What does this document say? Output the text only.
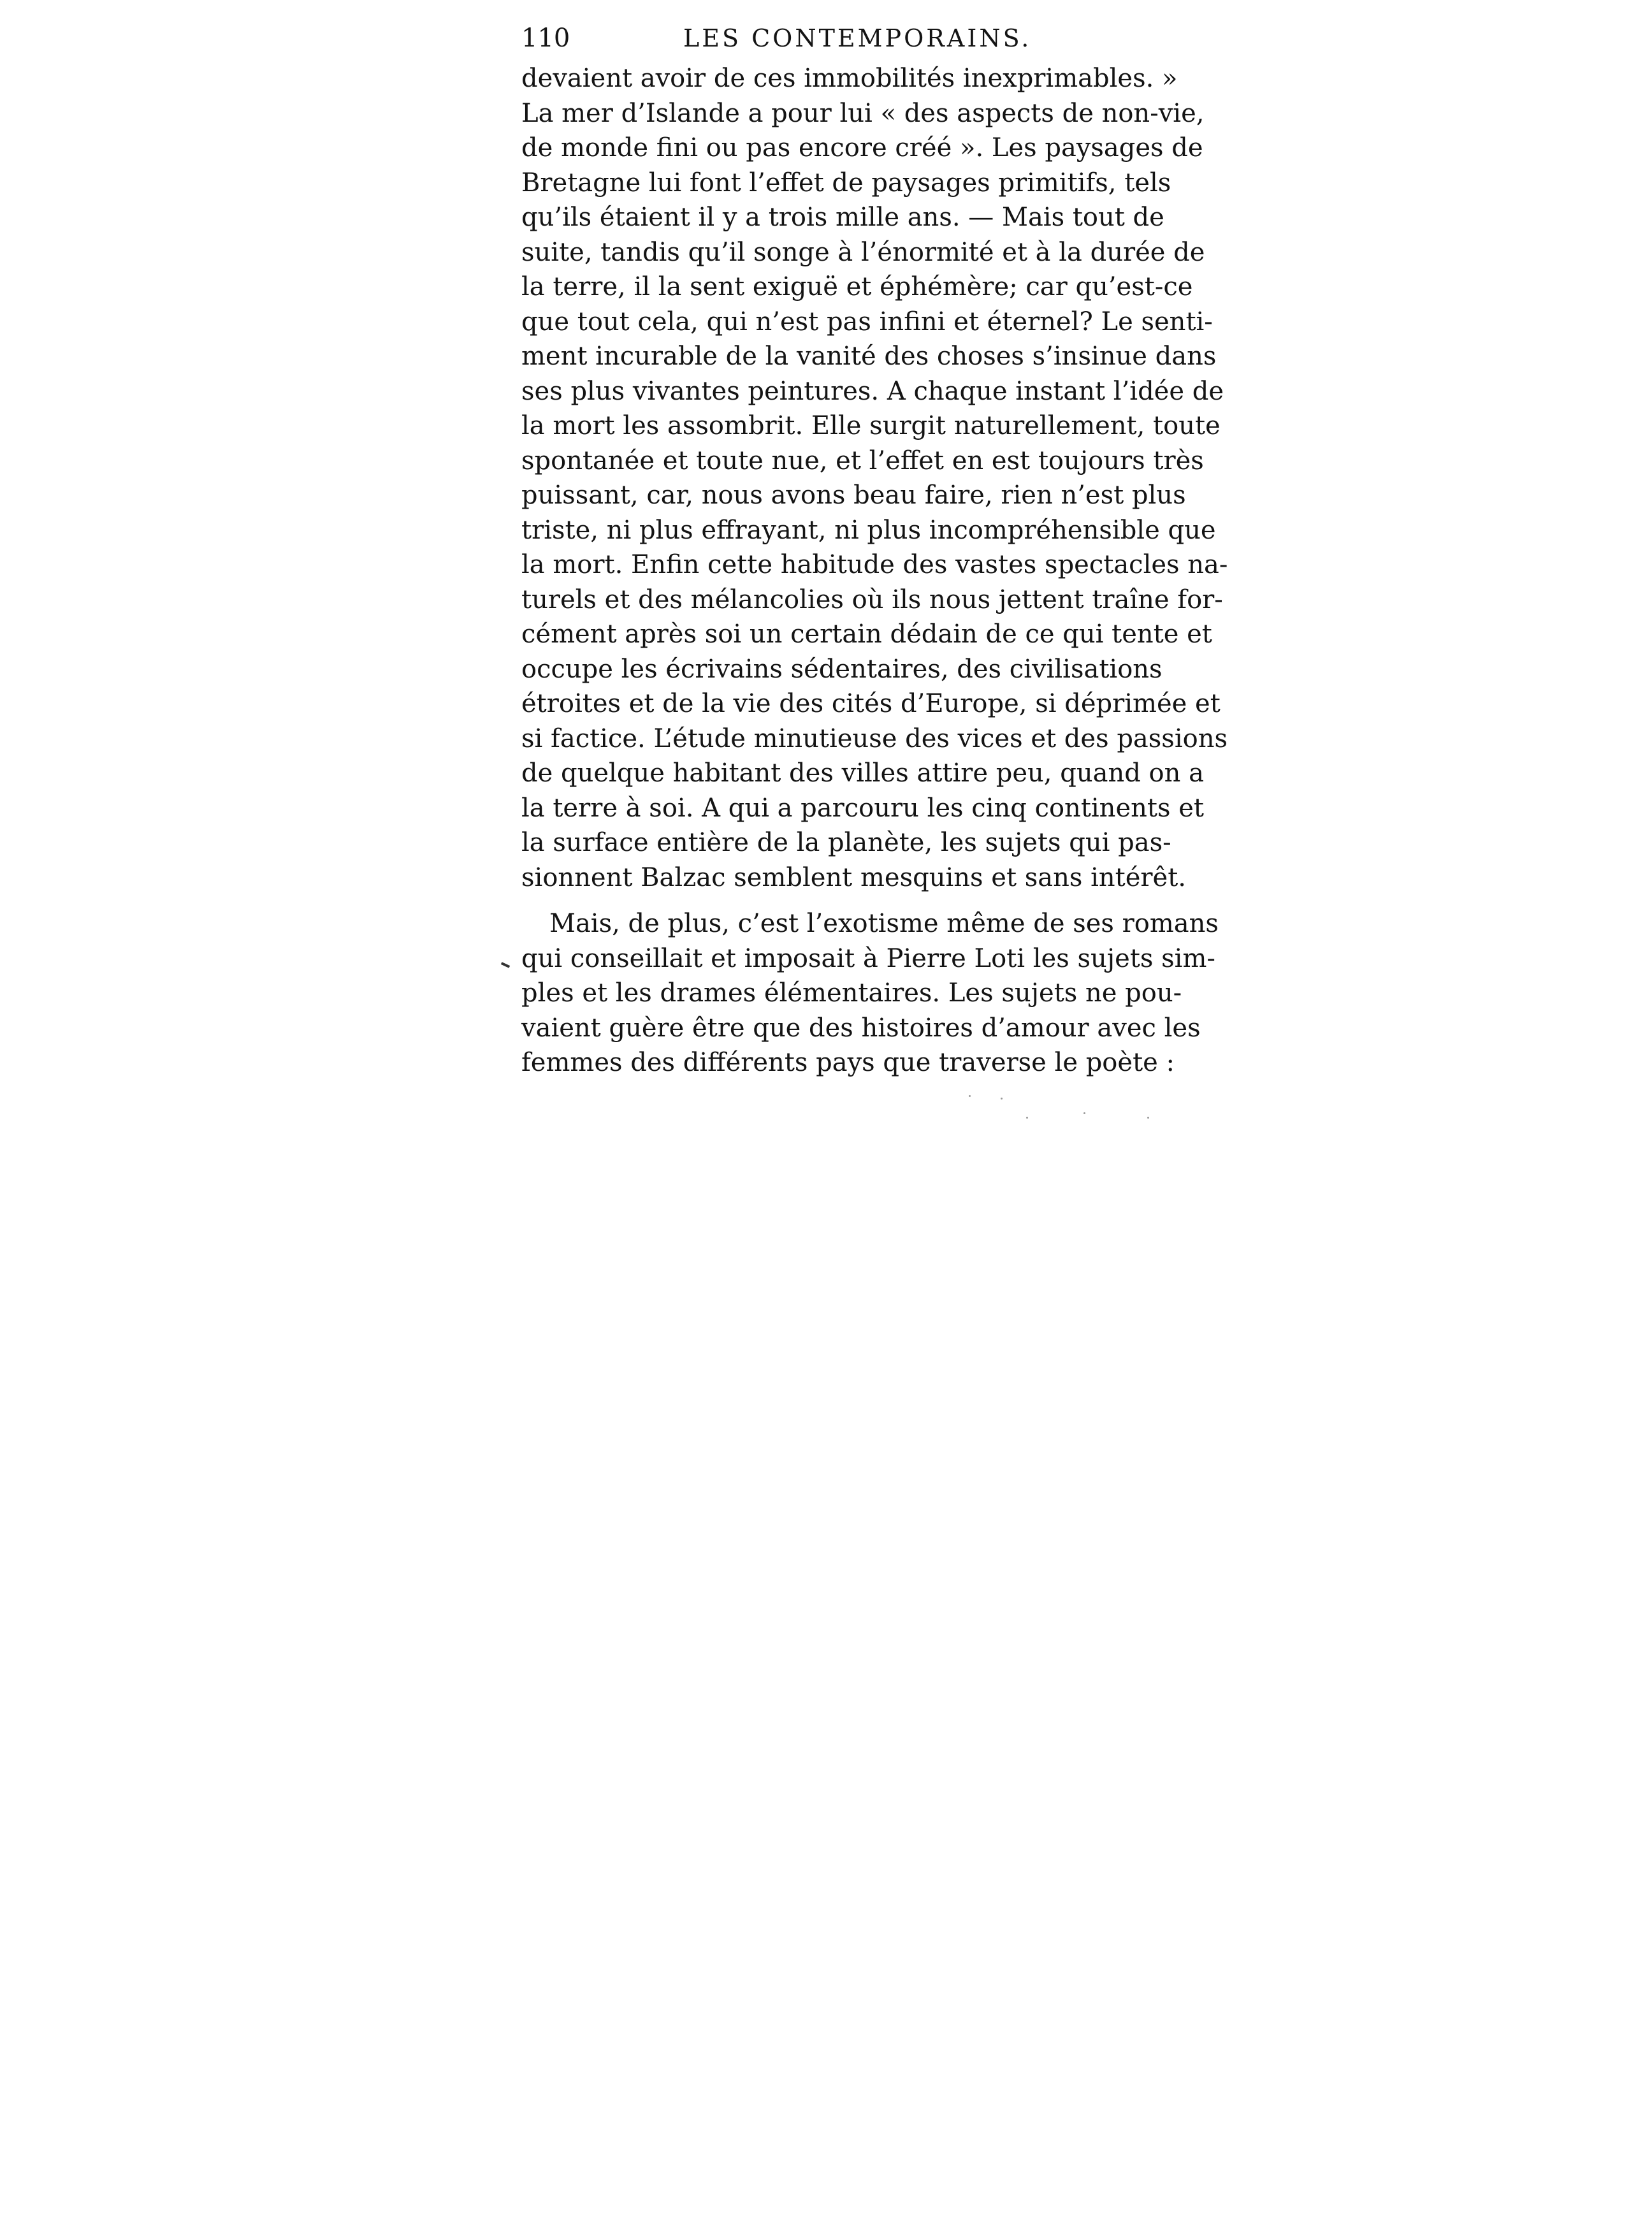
110	LES CONTEMPORAINS.
devaient avoir de ces immobilités inexprimables. »
La mer d’Islande a pour lui « des aspects de non-vie,
de monde fini ou pas encore créé ». Les paysages de
Bretagne lui font l’effet de paysages primitifs, tels
qu’ils étaient il y a trois mille ans. — Mais tout de
suite, tandis qu’il songe à l’énormité et à la durée de
la terre, il la sent exiguë et éphémère; car qu’est-ce
que tout cela, qui n’est pas infini et éternel? Le senti-
ment incurable de la vanité des choses s’insinue dans
ses plus vivantes peintures. A chaque instant l’idée de
la mort les assombrit. Elle surgit naturellement, toute
spontanée et toute nue, et l’effet en est toujours très
puissant, car, nous avons beau faire, rien n’est plus
triste, ni plus effrayant, ni plus incompréhensible que
la mort. Enfin cette habitude des vastes spectacles na-
turels et des mélancolies où ils nous jettent traîne for-
cément après soi un certain dédain de ce qui tente et
occupe les écrivains sédentaires, des civilisations
étroites et de la vie des cités d’Europe, si déprimée et
si factice. L’étude minutieuse des vices et des passions
de quelque habitant des villes attire peu, quand on a
la terre à soi. A qui a parcouru les cinq continents et
la surface entière de la planète, les sujets qui pas-
sionnent Balzac semblent mesquins et sans intérêt.
Mais, de plus, c’est l’exotisme même de ses romans
qui conseillait et imposait à Pierre Loti les sujets sim-
ples et les drames élémentaires. Les sujets ne pou-
vaient guère être que des histoires d’amour avec les
femmes des différents pays que traverse le poète :
